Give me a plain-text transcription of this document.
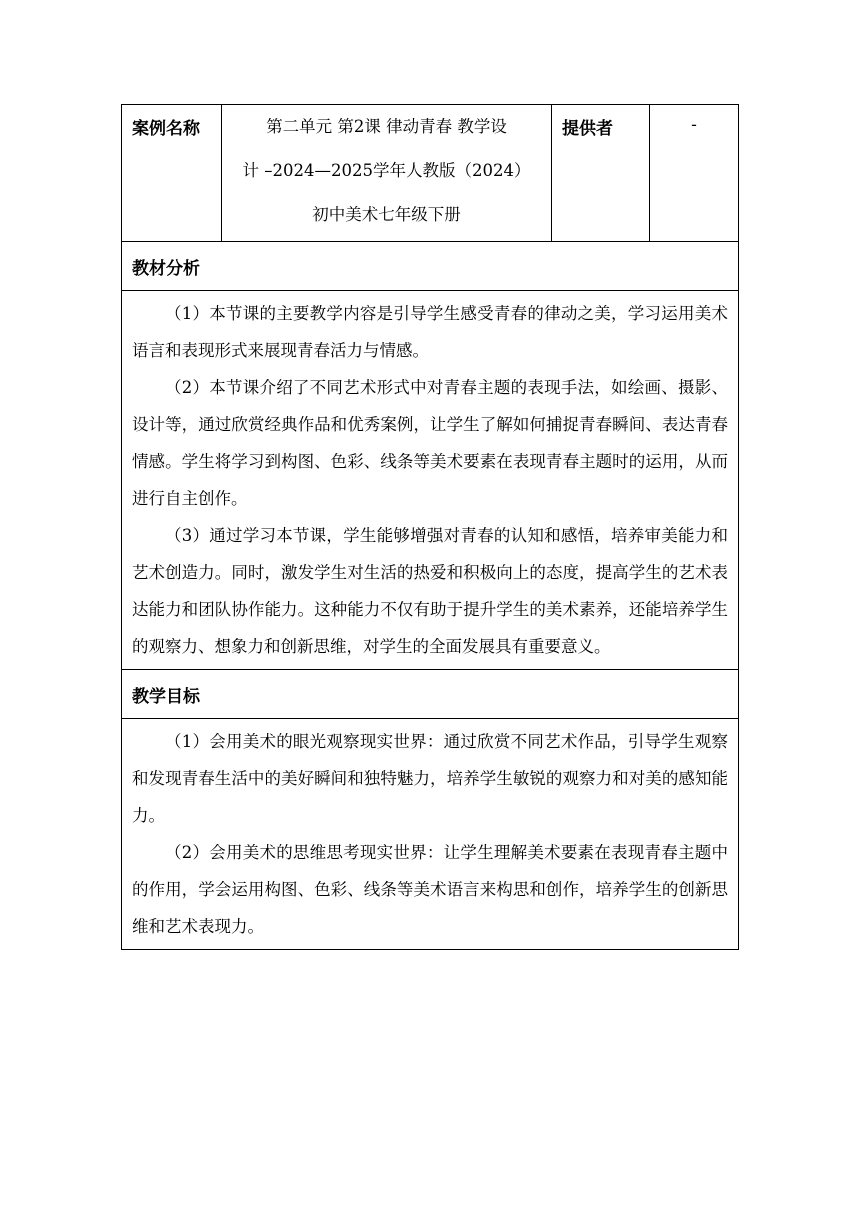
案例名称	第二单元 第2课 律动青春 教学设
计 –2024—2025学年人教版（2024）
初中美术七年级下册
	提供者	-
教材分析

（1）本节课的主要教学内容是引导学生感受青春的律动之美，学习运用美术语言和表现形式来展现青春活力与情感。

（2）本节课介绍了不同艺术形式中对青春主题的表现手法，如绘画、摄影、设计等，通过欣赏经典作品和优秀案例，让学生了解如何捕捉青春瞬间、表达青春情感。学生将学习到构图、色彩、线条等美术要素在表现青春主题时的运用，从而进行自主创作。

（3）通过学习本节课，学生能够增强对青春的认知和感悟，培养审美能力和艺术创造力。同时，激发学生对生活的热爱和积极向上的态度，提高学生的艺术表达能力和团队协作能力。这种能力不仅有助于提升学生的美术素养，还能培养学生的观察力、想象力和创新思维，对学生的全面发展具有重要意义。

教学目标

（1）会用美术的眼光观察现实世界：通过欣赏不同艺术作品，引导学生观察和发现青春生活中的美好瞬间和独特魅力，培养学生敏锐的观察力和对美的感知能力。

（2）会用美术的思维思考现实世界：让学生理解美术要素在表现青春主题中的作用，学会运用构图、色彩、线条等美术语言来构思和创作，培养学生的创新思维和艺术表现力。
